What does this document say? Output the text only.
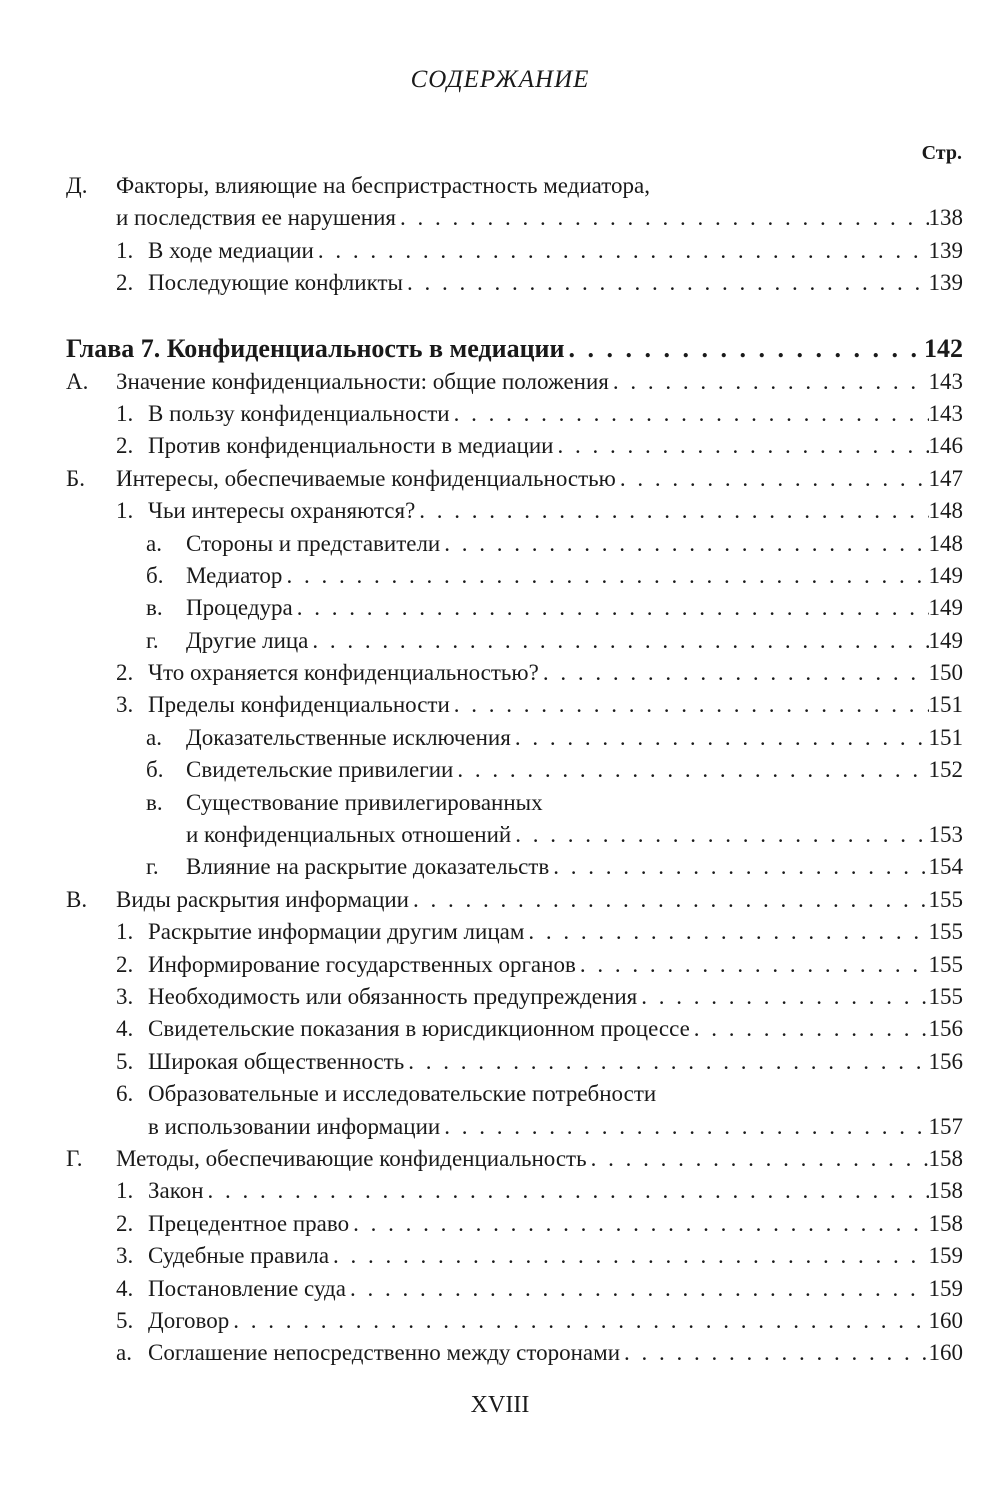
СОДЕРЖАНИЕ
Стр.
Д. Факторы, влияющие на беспристрастность медиатора,
и последствия ее нарушения . . .	138
1. В ходе медиации . . .	139
2. Последующие конфликты . . .	139
Глава 7. Конфиденциальность в медиации . . .	142
А. Значение конфиденциальности: общие положения . . .	143
1. В пользу конфиденциальности . . .	143
2. Против конфиденциальности в медиации . . .	146
Б. Интересы, обеспечиваемые конфиденциальностью . . .	147
1. Чьи интересы охраняются? . . .	148
а. Стороны и представители . . .	148
б. Медиатор . . .	149
в. Процедура . . .	149
г. Другие лица . . .	149
2. Что охраняется конфиденциальностью? . . .	150
3. Пределы конфиденциальности . . .	151
а. Доказательственные исключения . . .	151
б. Свидетельские привилегии . . .	152
в. Существование привилегированных
и конфиденциальных отношений . . .	153
г. Влияние на раскрытие доказательств . . .	154
В. Виды раскрытия информации . . .	155
1. Раскрытие информации другим лицам . . .	155
2. Информирование государственных органов . . .	155
3. Необходимость или обязанность предупреждения . . .	155
4. Свидетельские показания в юрисдикционном процессе . . .	156
5. Широкая общественность . . .	156
6. Образовательные и исследовательские потребности
в использовании информации . . .	157
Г. Методы, обеспечивающие конфиденциальность . . .	158
1. Закон . . .	158
2. Прецедентное право . . .	158
3. Судебные правила . . .	159
4. Постановление суда . . .	159
5. Договор . . .	160
а. Соглашение непосредственно между сторонами . . .	160
XVIII
